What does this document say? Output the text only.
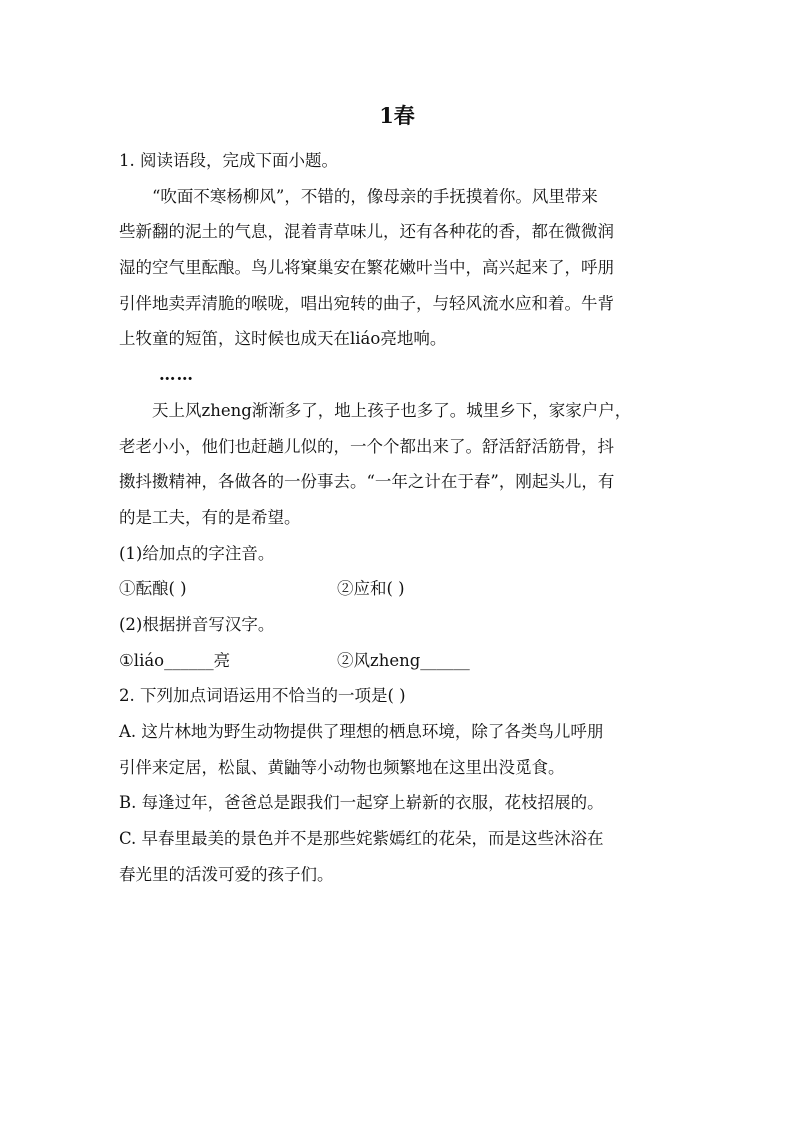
1春
1. 阅读语段，完成下面小题。
“吹面不寒杨柳风”，不错的，像母亲的手抚摸着你。风里带来
些新翻的泥土的气息，混着青草味儿，还有各种花的香，都在微微润
湿的空气里酝酿。鸟儿将窠巢安在繁花嫩叶当中，高兴起来了，呼朋
引伴地卖弄清脆的喉咙，唱出宛转的曲子，与轻风流水应和着。牛背
上牧童的短笛，这时候也成天在liáo亮地响。
……
天上风zheng渐渐多了，地上孩子也多了。城里乡下，家家户户，
老老小小，他们也赶趟儿似的，一个个都出来了。舒活舒活筋骨，抖
擞抖擞精神，各做各的一份事去。“一年之计在于春”，刚起头儿，有
的是工夫，有的是希望。
(1)给加点的字注音。
①酝酿( )	②应和( )
(2)根据拼音写汉字。
①liáo______亮	②风zheng______
2. 下列加点词语运用不恰当的一项是( )
A. 这片林地为野生动物提供了理想的栖息环境，除了各类鸟儿呼朋
引伴来定居，松鼠、黄鼬等小动物也频繁地在这里出没觅食。
B. 每逢过年，爸爸总是跟我们一起穿上崭新的衣服，花枝招展的。
C. 早春里最美的景色并不是那些姹紫嫣红的花朵，而是这些沐浴在
春光里的活泼可爱的孩子们。
